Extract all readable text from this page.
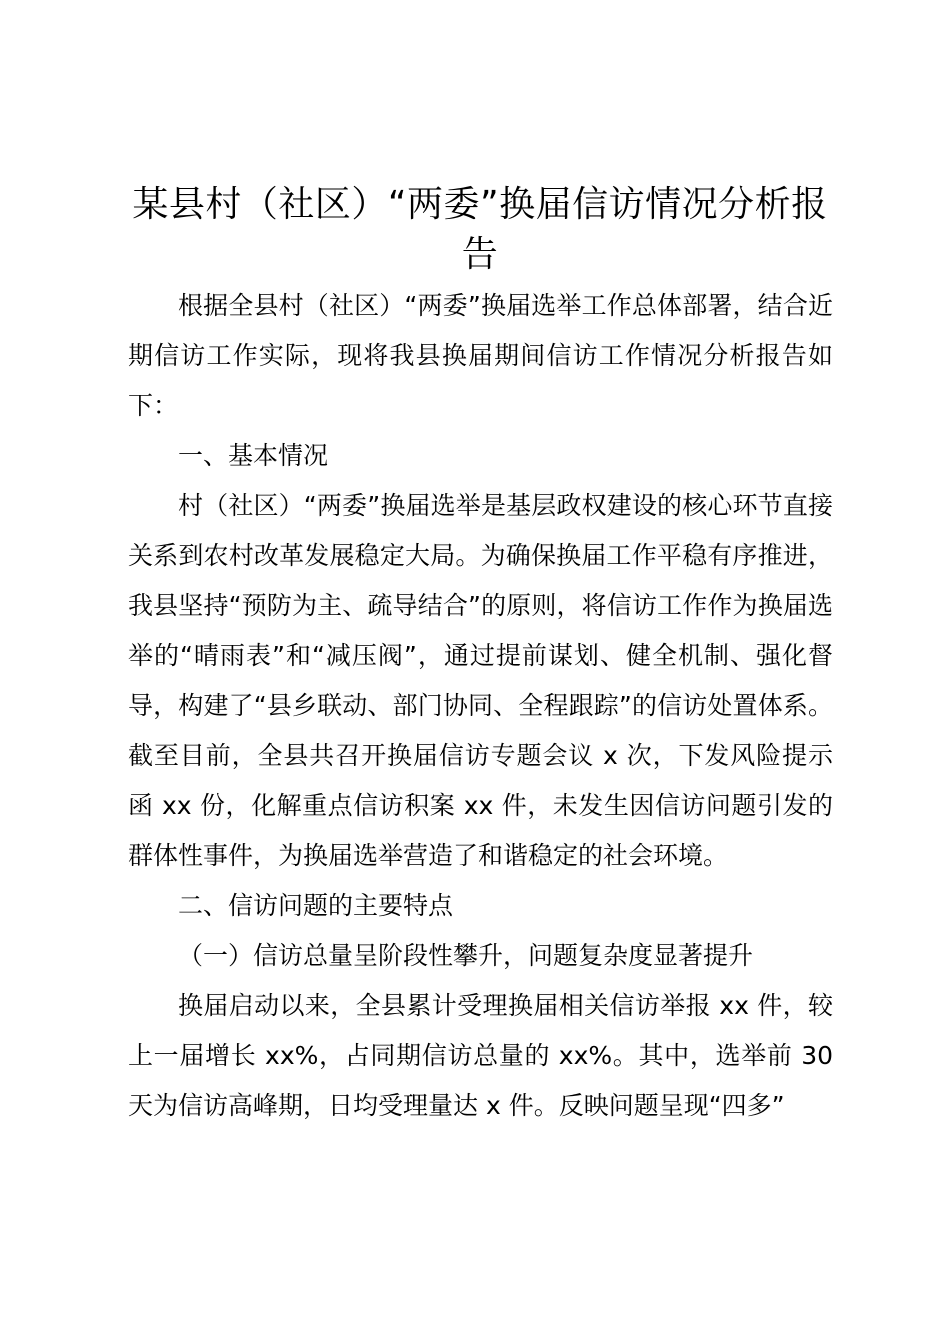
某县村（社区）“两委”换届信访情况分析报告

根据全县村（社区）“两委”换届选举工作总体部署，结合近期信访工作实际，现将我县换届期间信访工作情况分析报告如下：

一、基本情况

村（社区）“两委”换届选举是基层政权建设的核心环节直接关系到农村改革发展稳定大局。为确保换届工作平稳有序推进，我县坚持“预防为主、疏导结合”的原则，将信访工作作为换届选举的“晴雨表”和“减压阀”，通过提前谋划、健全机制、强化督导，构建了“县乡联动、部门协同、全程跟踪”的信访处置体系。截至目前，全县共召开换届信访专题会议 x 次，下发风险提示函 xx 份，化解重点信访积案 xx 件，未发生因信访问题引发的群体性事件，为换届选举营造了和谐稳定的社会环境。

二、信访问题的主要特点

（一）信访总量呈阶段性攀升，问题复杂度显著提升

换届启动以来，全县累计受理换届相关信访举报 xx 件，较上一届增长 xx%，占同期信访总量的 xx%。其中，选举前 30 天为信访高峰期，日均受理量达 x 件。反映问题呈现“四多”
